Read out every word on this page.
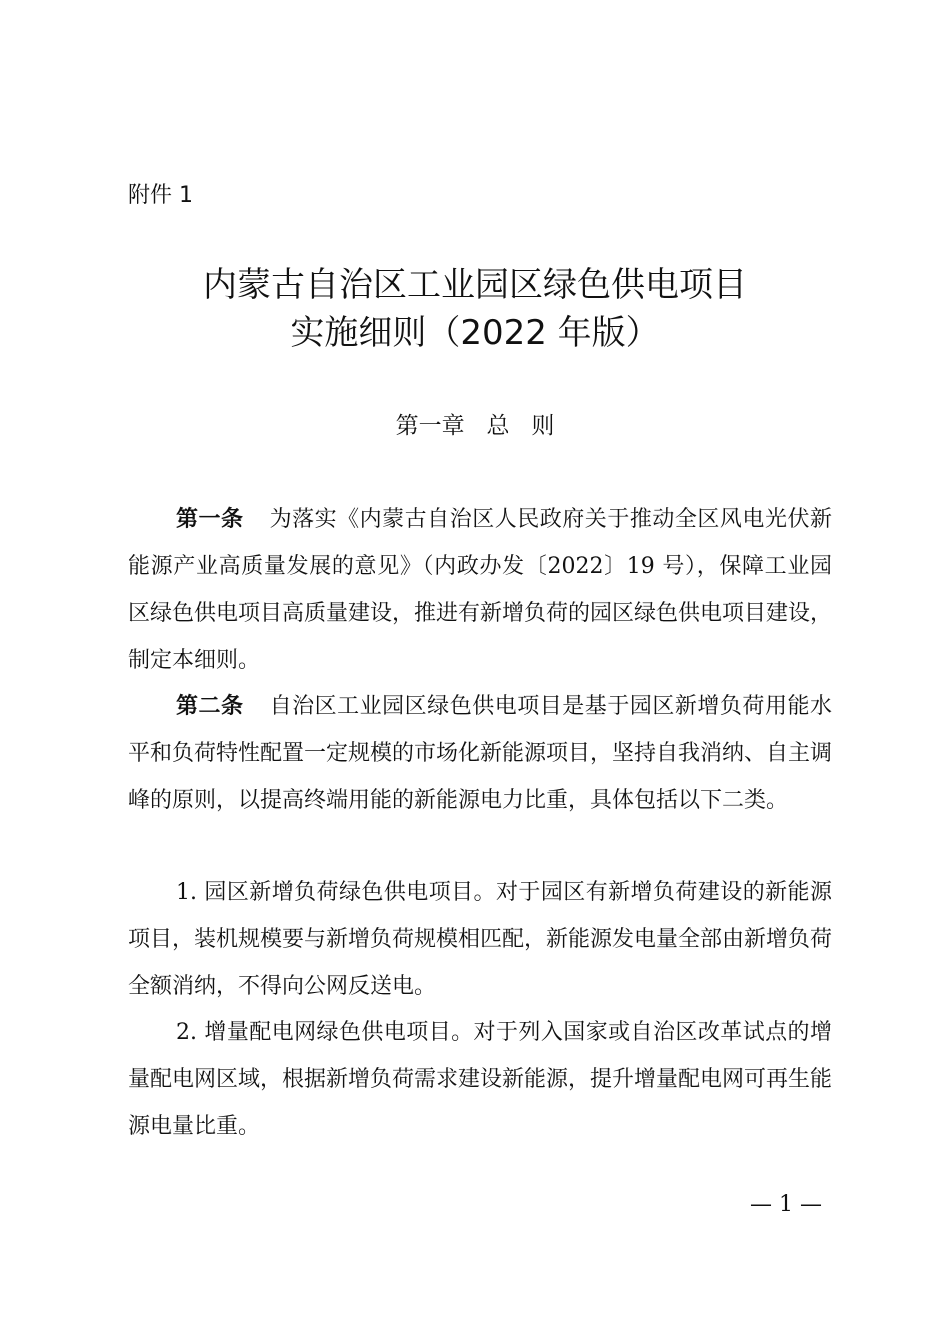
附件 1
内蒙古自治区工业园区绿色供电项目
实施细则（2022 年版）
第一章   总   则

第一条 为落实《内蒙古自治区人民政府关于推动全区风电光伏新能源产业高质量发展的意见》（内政办发〔2022〕19 号），保障工业园区绿色供电项目高质量建设，推进有新增负荷的园区绿色供电项目建设，制定本细则。

第二条 自治区工业园区绿色供电项目是基于园区新增负荷用能水平和负荷特性配置一定规模的市场化新能源项目，坚持自我消纳、自主调峰的原则，以提高终端用能的新能源电力比重，具体包括以下二类。

1. 园区新增负荷绿色供电项目。对于园区有新增负荷建设的新能源项目，装机规模要与新增负荷规模相匹配，新能源发电量全部由新增负荷全额消纳，不得向公网反送电。

2. 增量配电网绿色供电项目。对于列入国家或自治区改革试点的增量配电网区域，根据新增负荷需求建设新能源，提升增量配电网可再生能源电量比重。

— 1 —
